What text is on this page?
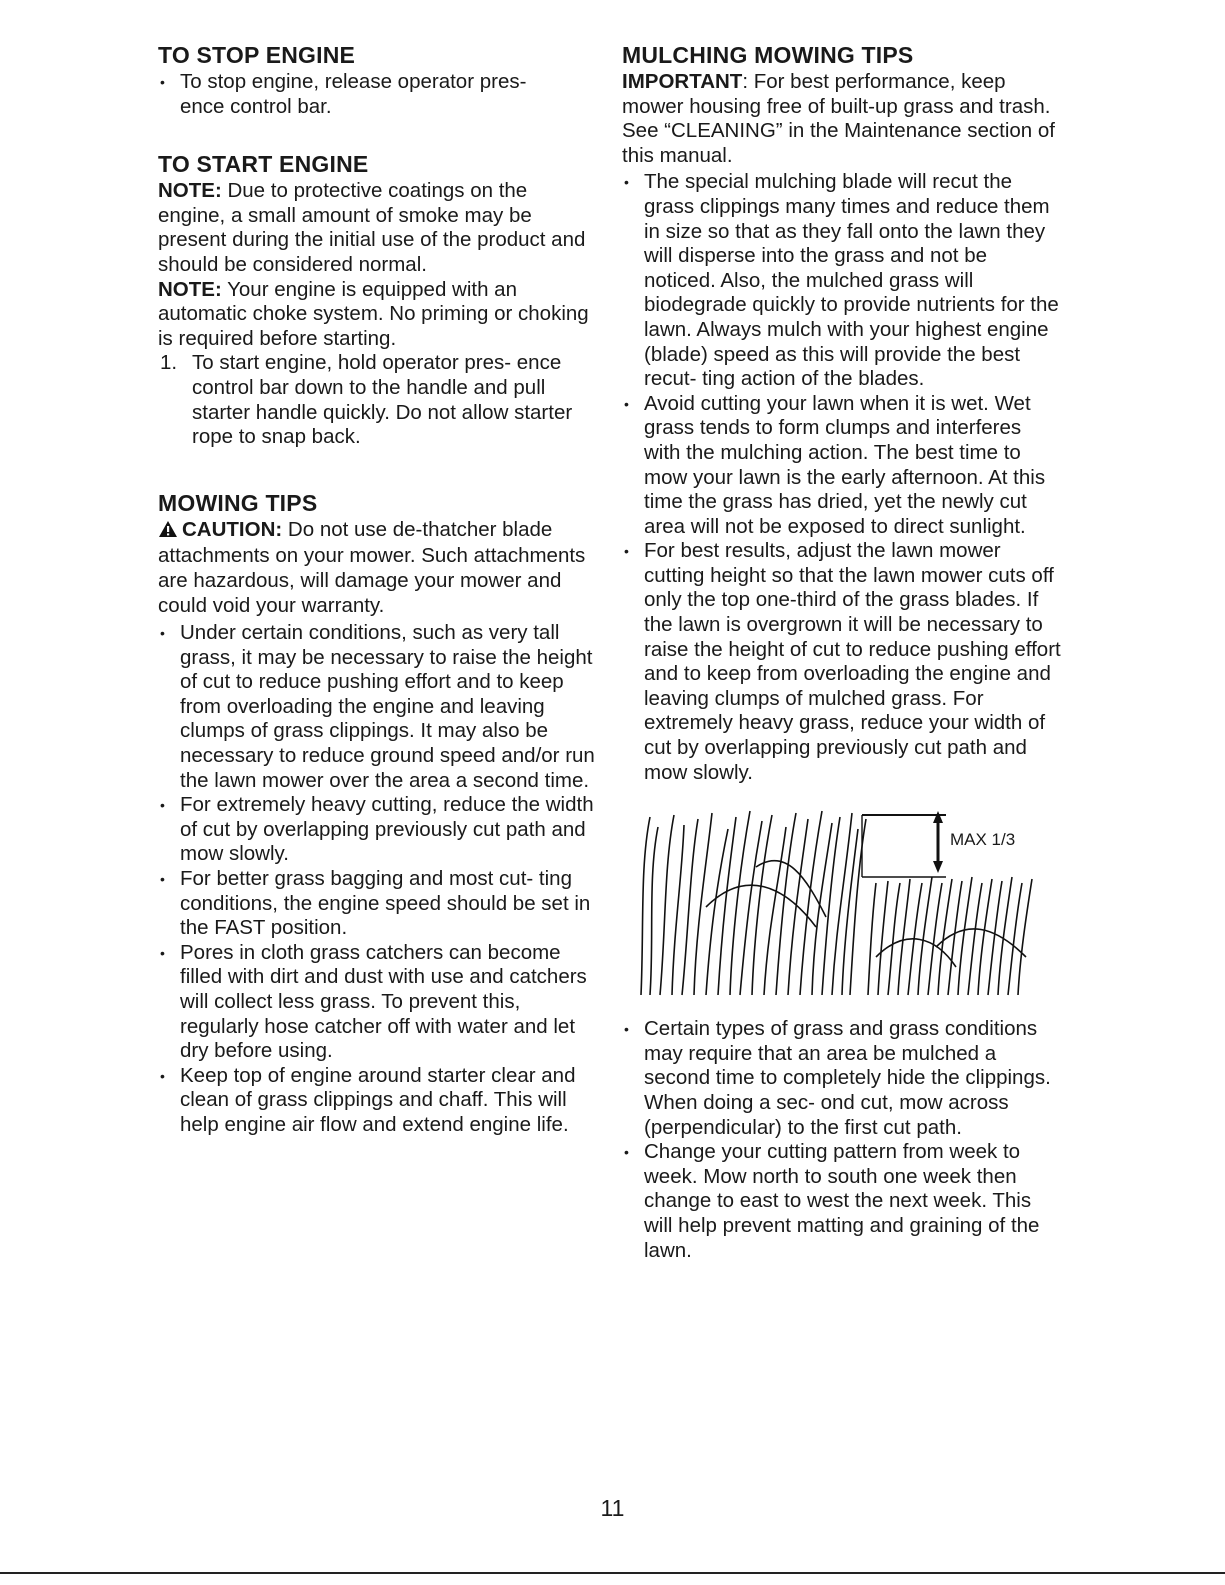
TO STOP ENGINE
• To stop engine, release operator pres-
ence control bar.
TO START ENGINE

NOTE: Due to protective coatings on the engine, a small amount of smoke may be present during the initial use of the product and should be considered normal.

NOTE: Your engine is equipped with an automatic choke system. No priming or choking is required before starting.

1. To start engine, hold operator pres- ence control bar down to the handle and pull starter handle quickly. Do not allow starter rope to snap back.
MOWING TIPS

CAUTION: Do not use de-thatcher blade attachments on your mower. Such attachments are hazardous, will damage your mower and could void your warranty.

• Under certain conditions, such as very tall grass, it may be necessary to raise the height of cut to reduce pushing effort and to keep from overloading the engine and leaving clumps of grass clippings. It may also be necessary to reduce ground speed and/or run the lawn mower over the area a second time.
• For extremely heavy cutting, reduce the width of cut by overlapping previously cut path and mow slowly.
• For better grass bagging and most cut- ting conditions, the engine speed should be set in the FAST position.
• Pores in cloth grass catchers can become filled with dirt and dust with use and catchers will collect less grass. To prevent this, regularly hose catcher off with water and let dry before using.
• Keep top of engine around starter clear and clean of grass clippings and chaff. This will help engine air flow and extend engine life.
MULCHING MOWING TIPS

IMPORTANT: For best performance, keep mower housing free of built-up grass and trash. See “CLEANING” in the Maintenance section of this manual.

• The special mulching blade will recut the grass clippings many times and reduce them in size so that as they fall onto the lawn they will disperse into the grass and not be noticed. Also, the mulched grass will biodegrade quickly to provide nutrients for the lawn. Always mulch with your highest engine (blade) speed as this will provide the best recut- ting action of the blades.
• Avoid cutting your lawn when it is wet. Wet grass tends to form clumps and interferes with the mulching action. The best time to mow your lawn is the early afternoon. At this time the grass has dried, yet the newly cut area will not be exposed to direct sunlight.
• For best results, adjust the lawn mower cutting height so that the lawn mower cuts off only the top one-third of the grass blades. If the lawn is overgrown it will be necessary to raise the height of cut to reduce pushing effort and to keep from overloading the engine and leaving clumps of mulched grass. For extremely heavy grass, reduce your width of cut by overlapping previously cut path and mow slowly.
MAX 1/3
• Certain types of grass and grass conditions may require that an area be mulched a second time to completely hide the clippings. When doing a sec- ond cut, mow across (perpendicular) to the first cut path.
• Change your cutting pattern from week to week. Mow north to south one week then change to east to west the next week. This will help prevent matting and graining of the lawn.
11
